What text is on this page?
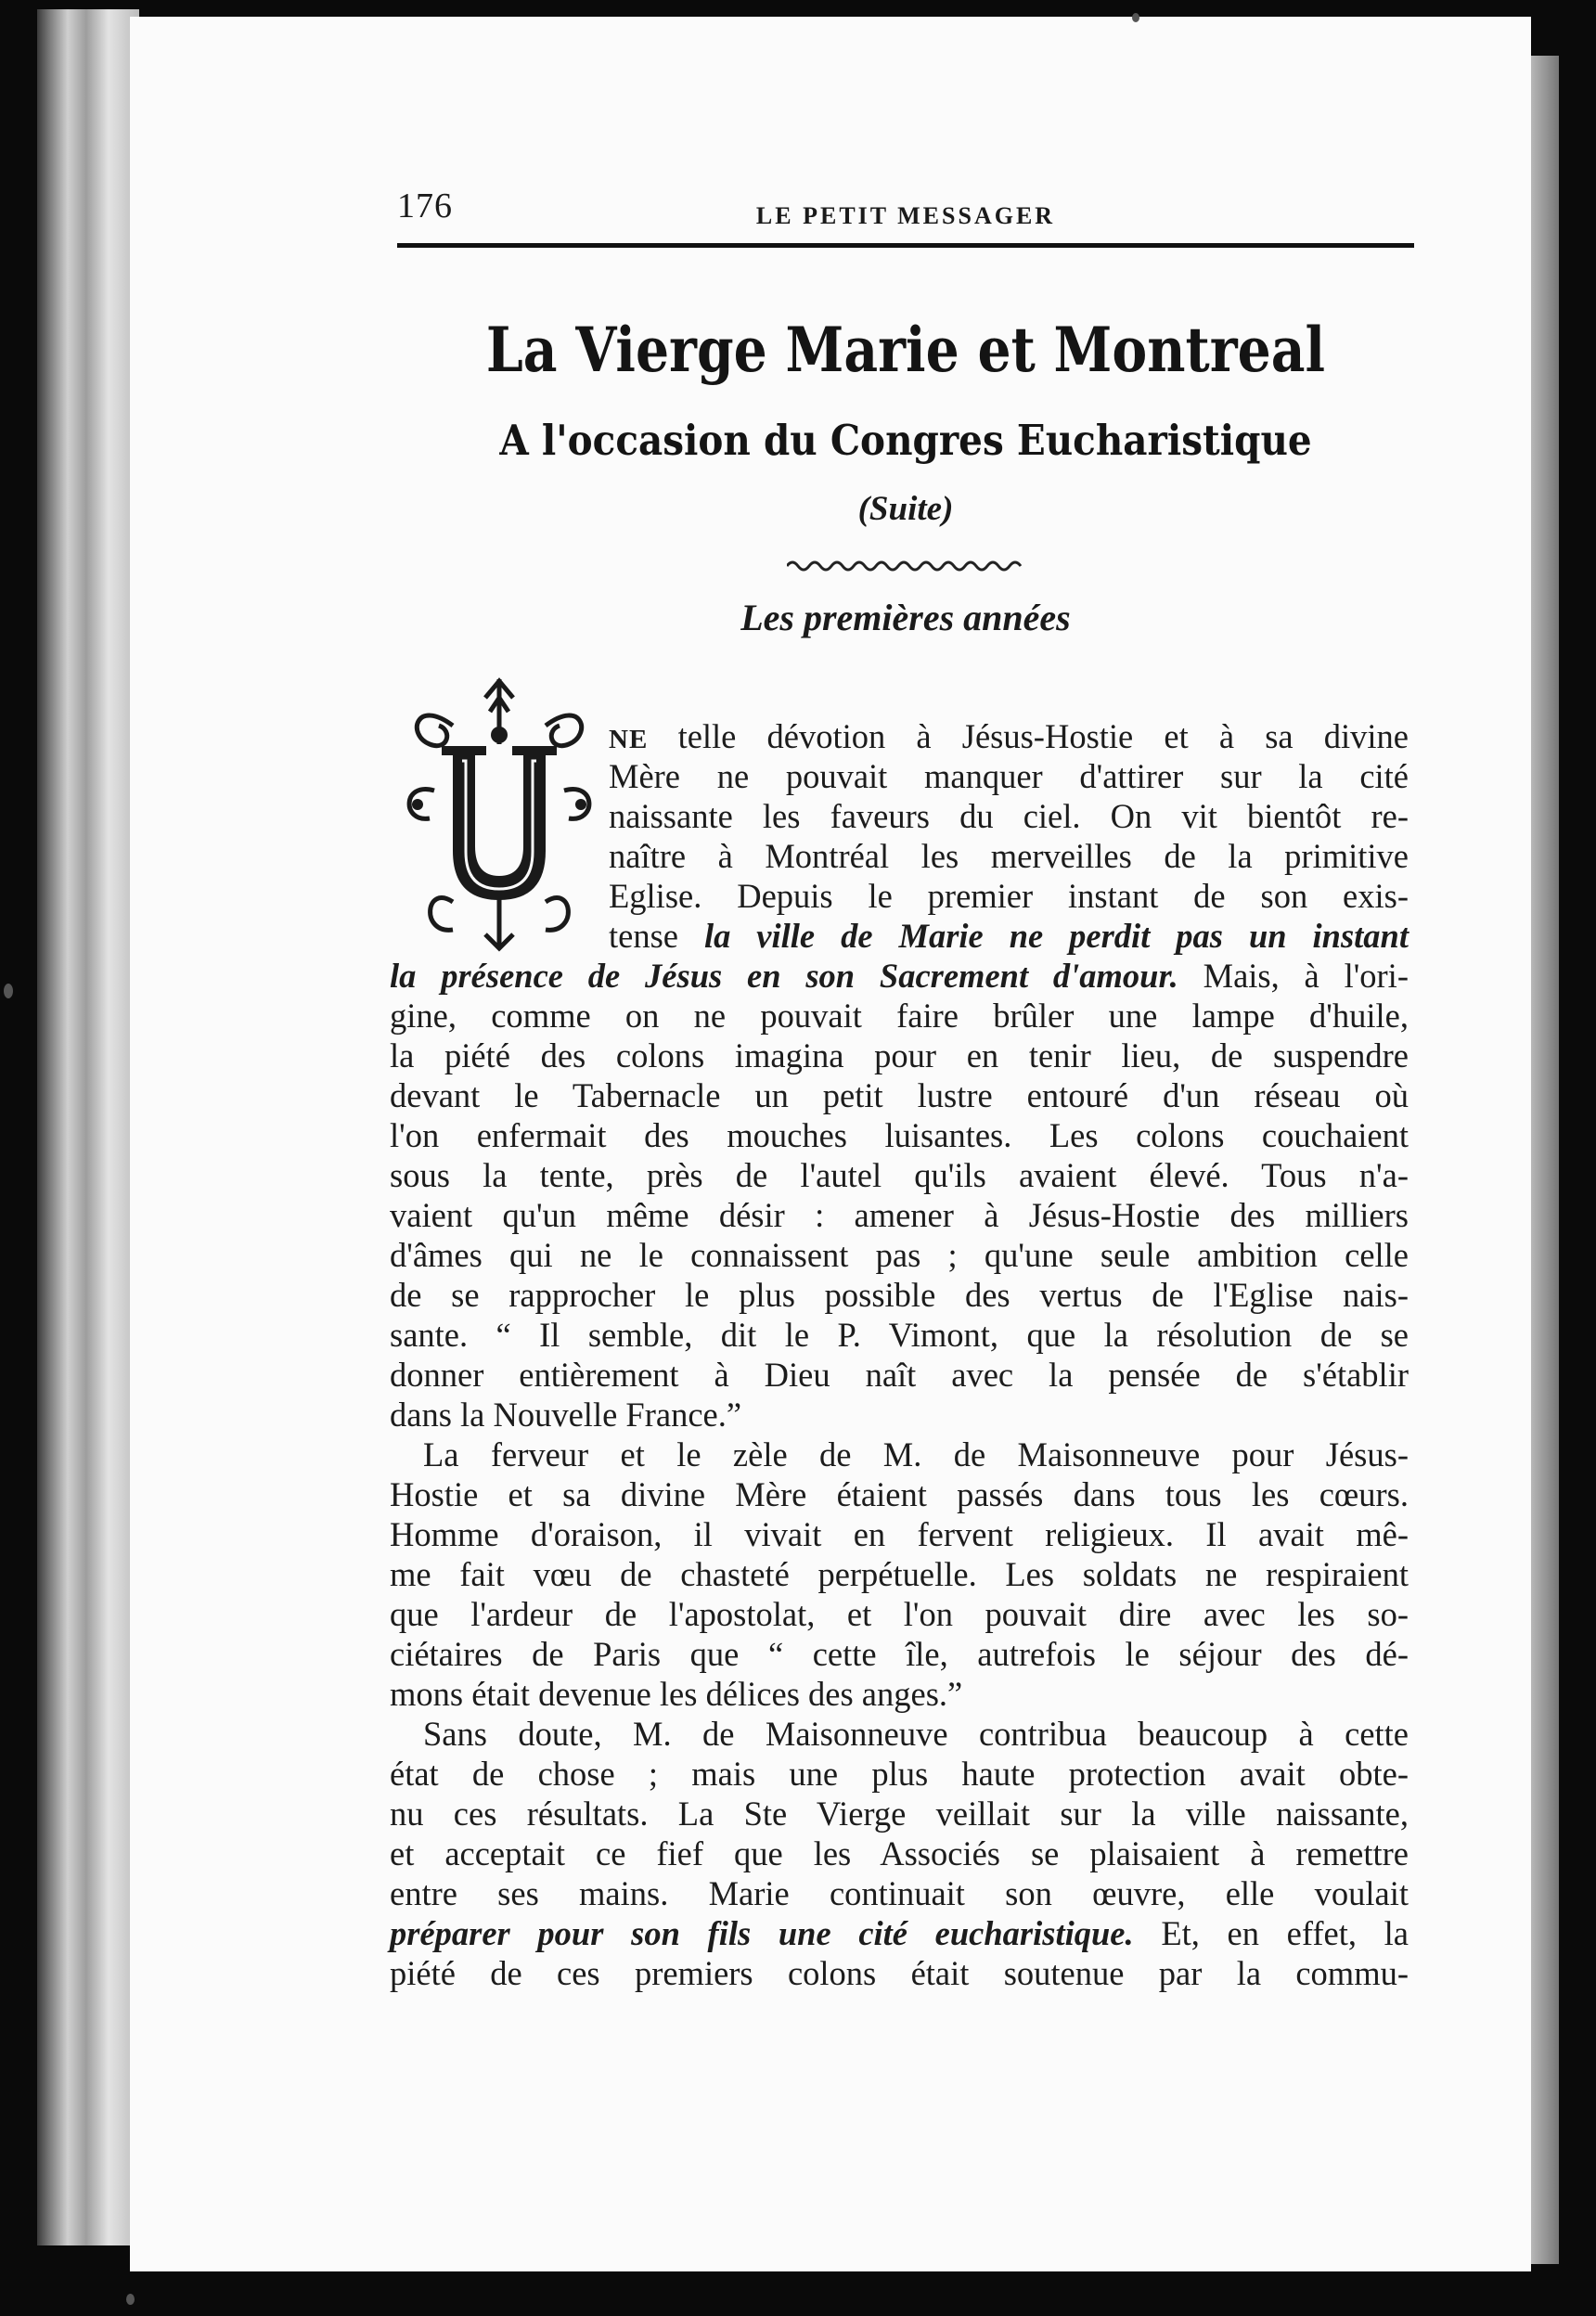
176	LE PETIT MESSAGER
La Vierge Marie et Montreal
A l'occasion du Congres Eucharistique
(Suite)
Les premières années
NE telle dévotion à Jésus-Hostie et à sa divine
Mère ne pouvait manquer d'attirer sur la cité
naissante les faveurs du ciel. On vit bientôt re-
naître à Montréal les merveilles de la primitive
Eglise. Depuis le premier instant de son exis-
tense la ville de Marie ne perdit pas un instant
la présence de Jésus en son Sacrement d'amour. Mais, à l'ori-
gine, comme on ne pouvait faire brûler une lampe d'huile,
la piété des colons imagina pour en tenir lieu, de suspendre
devant le Tabernacle un petit lustre entouré d'un réseau où
l'on enfermait des mouches luisantes. Les colons couchaient
sous la tente, près de l'autel qu'ils avaient élevé. Tous n'a-
vaient qu'un même désir : amener à Jésus-Hostie des milliers
d'âmes qui ne le connaissent pas ; qu'une seule ambition celle
de se rapprocher le plus possible des vertus de l'Eglise nais-
sante. “ Il semble, dit le P. Vimont, que la résolution de se
donner entièrement à Dieu naît avec la pensée de s'établir
dans la Nouvelle France.”
La ferveur et le zèle de M. de Maisonneuve pour Jésus-
Hostie et sa divine Mère étaient passés dans tous les cœurs.
Homme d'oraison, il vivait en fervent religieux. Il avait mê-
me fait vœu de chasteté perpétuelle. Les soldats ne respiraient
que l'ardeur de l'apostolat, et l'on pouvait dire avec les so-
ciétaires de Paris que “ cette île, autrefois le séjour des dé-
mons était devenue les délices des anges.”
Sans doute, M. de Maisonneuve contribua beaucoup à cette
état de chose ; mais une plus haute protection avait obte-
nu ces résultats. La Ste Vierge veillait sur la ville naissante,
et acceptait ce fief que les Associés se plaisaient à remettre
entre ses mains. Marie continuait son œuvre, elle voulait
préparer pour son fils une cité eucharistique. Et, en effet, la
piété de ces premiers colons était soutenue par la commu-
